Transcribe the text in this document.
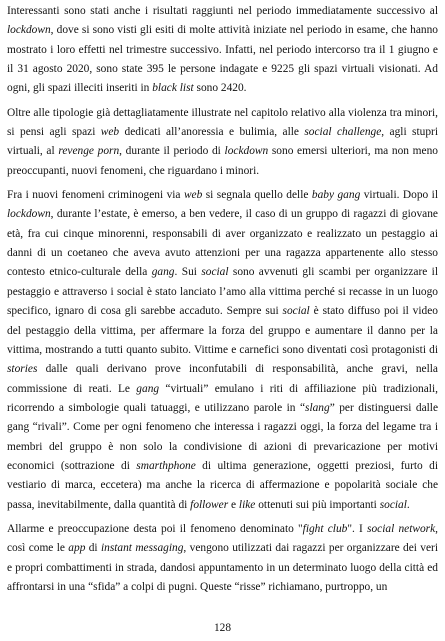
Interessanti sono stati anche i risultati raggiunti nel periodo immediatamente successivo al lockdown, dove si sono visti gli esiti di molte attività iniziate nel periodo in esame, che hanno mostrato i loro effetti nel trimestre successivo. Infatti, nel periodo intercorso tra il 1 giugno e il 31 agosto 2020, sono state 395 le persone indagate e 9225 gli spazi virtuali visionati. Ad ogni, gli spazi illeciti inseriti in black list sono 2420.

Oltre alle tipologie già dettagliatamente illustrate nel capitolo relativo alla violenza tra minori, si pensi agli spazi web dedicati all’anoressia e bulimia, alle social challenge, agli stupri virtuali, al revenge porn, durante il periodo di lockdown sono emersi ulteriori, ma non meno preoccupanti, nuovi fenomeni, che riguardano i minori.

Fra i nuovi fenomeni criminogeni via web si segnala quello delle baby gang virtuali. Dopo il lockdown, durante l’estate, è emerso, a ben vedere, il caso di un gruppo di ragazzi di giovane età, fra cui cinque minorenni, responsabili di aver organizzato e realizzato un pestaggio ai danni di un coetaneo che aveva avuto attenzioni per una ragazza appartenente allo stesso contesto etnico-culturale della gang. Sui social sono avvenuti gli scambi per organizzare il pestaggio e attraverso i social è stato lanciato l’amo alla vittima perché si recasse in un luogo specifico, ignaro di cosa gli sarebbe accaduto. Sempre sui social è stato diffuso poi il video del pestaggio della vittima, per affermare la forza del gruppo e aumentare il danno per la vittima, mostrando a tutti quanto subito. Vittime e carnefici sono diventati così protagonisti di stories dalle quali derivano prove inconfutabili di responsabilità, anche gravi, nella commissione di reati. Le gang “virtuali” emulano i riti di affiliazione più tradizionali, ricorrendo a simbologie quali tatuaggi, e utilizzano parole in “slang” per distinguersi dalle gang “rivali”. Come per ogni fenomeno che interessa i ragazzi oggi, la forza del legame tra i membri del gruppo è non solo la condivisione di azioni di prevaricazione per motivi economici (sottrazione di smarthphone di ultima generazione, oggetti preziosi, furto di vestiario di marca, eccetera) ma anche la ricerca di affermazione e popolarità sociale che passa, inevitabilmente, dalla quantità di follower e like ottenuti sui più importanti social.

Allarme e preoccupazione desta poi il fenomeno denominato "fight club". I social network, così come le app di instant messaging, vengono utilizzati dai ragazzi per organizzare dei veri e propri combattimenti in strada, dandosi appuntamento in un determinato luogo della città ed affrontarsi in una “sfida” a colpi di pugni. Queste “risse” richiamano, purtroppo, un

128
